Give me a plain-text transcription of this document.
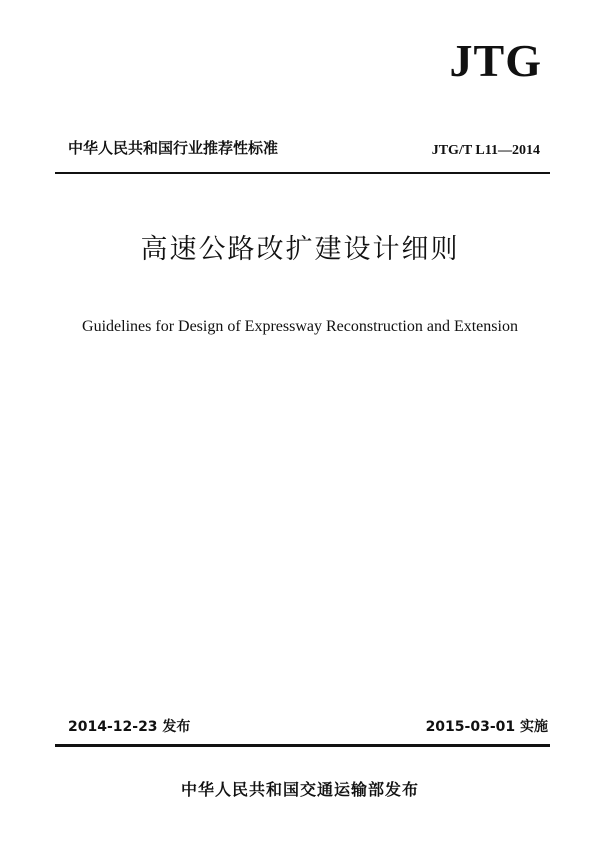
JTG
中华人民共和国行业推荐性标准	JTG/T L11—2014
高速公路改扩建设计细则
Guidelines for Design of Expressway Reconstruction and Extension
2014-12-23 发布	2015-03-01 实施
中华人民共和国交通运输部发布
